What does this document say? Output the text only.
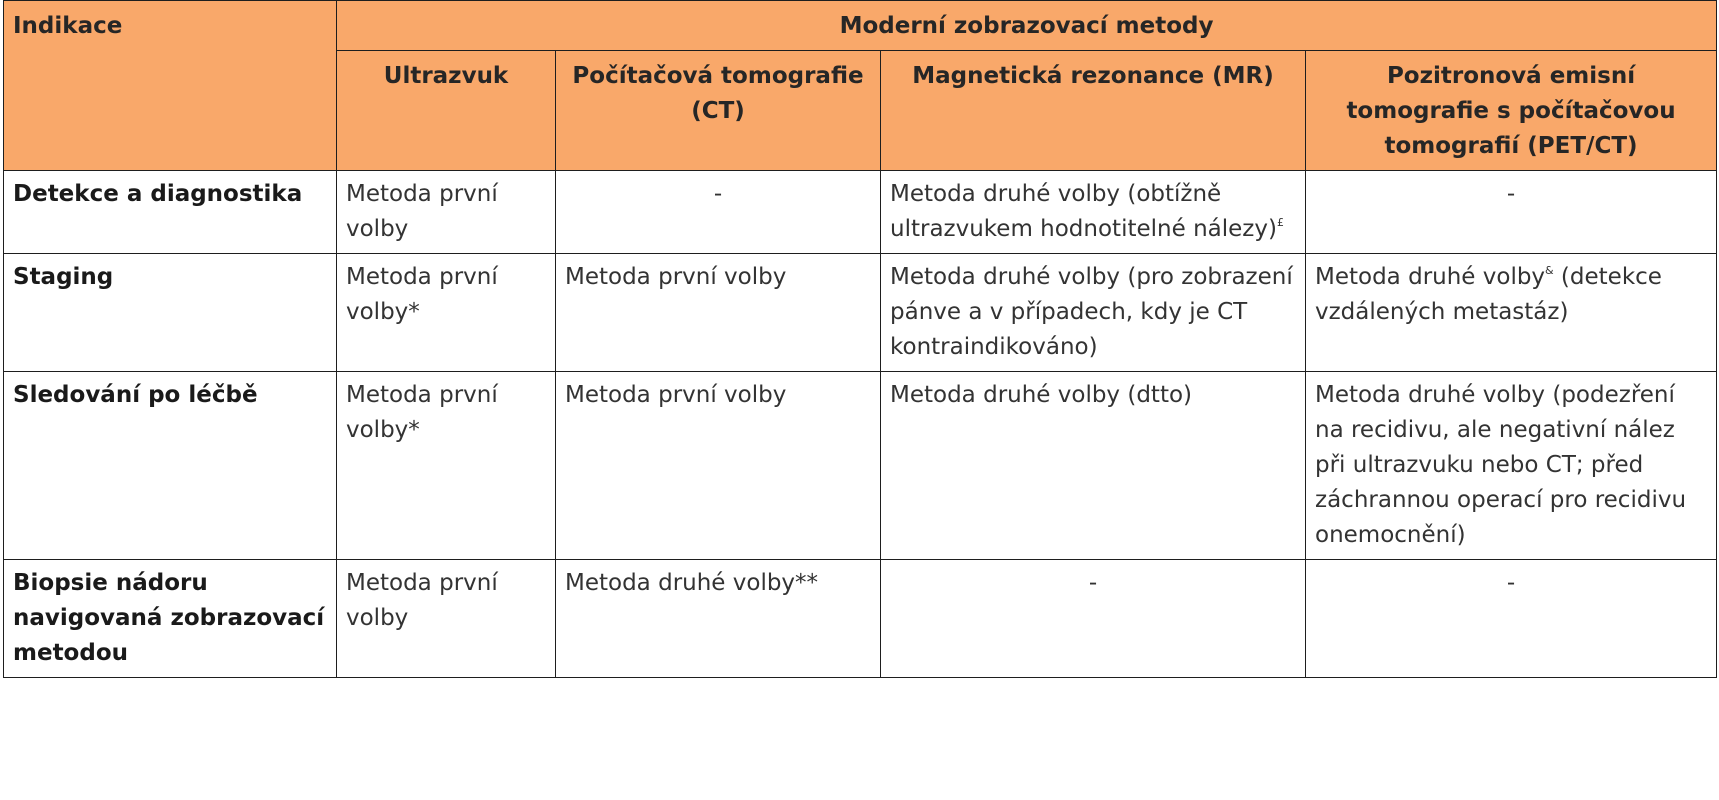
Indikace	Moderní zobrazovací metody			
	Ultrazvuk	Počítačová tomografie (CT)	Magnetická rezonance (MR)	Pozitronová emisní tomografie s počítačovou tomografií (PET/CT)
Detekce a diagnostika	Metoda první volby	-	Metoda druhé volby (obtížně ultrazvukem hodnotitelné nálezy)£	-
Staging	Metoda první volby*	Metoda první volby	Metoda druhé volby (pro zobrazení pánve a v případech, kdy je CT kontraindikováno)	Metoda druhé volby& (detekce vzdálených metastáz)
Sledování po léčbě	Metoda první volby*	Metoda první volby	Metoda druhé volby (dtto)	Metoda druhé volby (podezření na recidivu, ale negativní nález při ultrazvuku nebo CT; před záchrannou operací pro recidivu onemocnění)
Biopsie nádoru navigovaná zobrazovací metodou	Metoda první volby	Metoda druhé volby**	-	-
